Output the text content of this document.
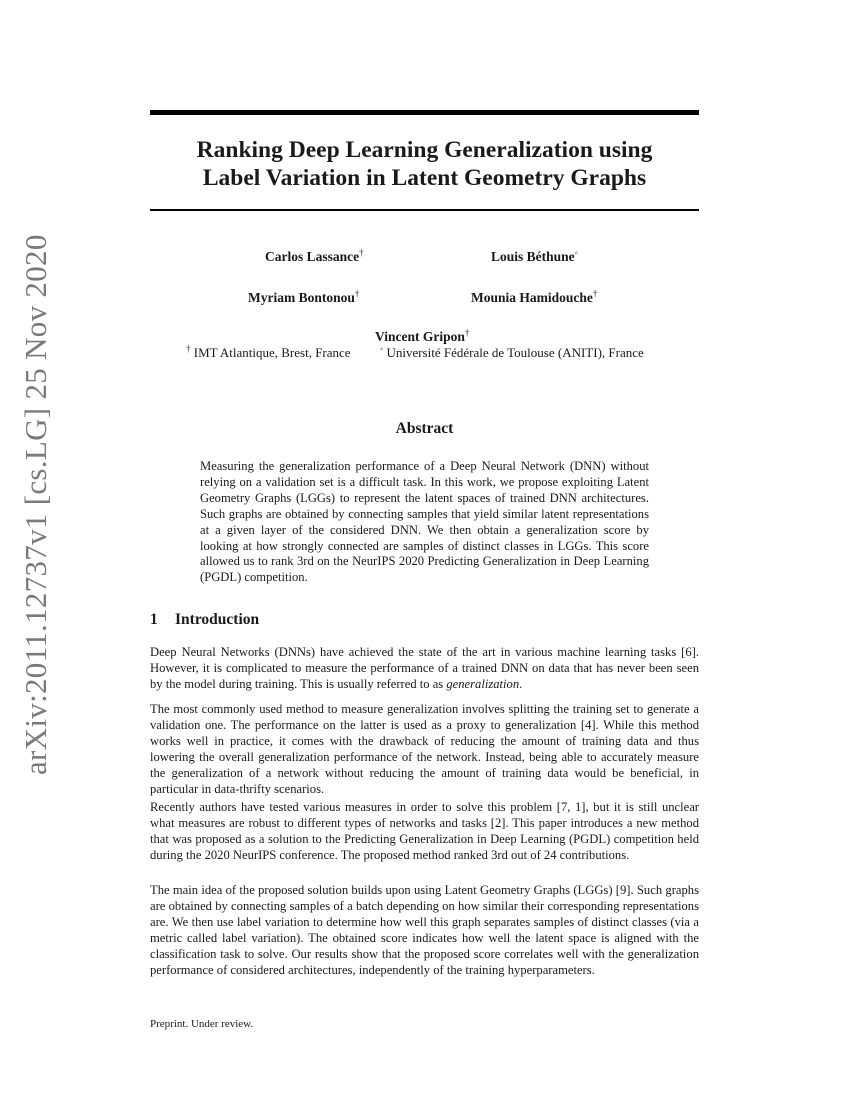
arXiv:2011.12737v1 [cs.LG] 25 Nov 2020
Ranking Deep Learning Generalization using
Label Variation in Latent Geometry Graphs
Carlos Lassance†	Louis Béthune◦
Myriam Bontonou†	Mounia Hamidouche†
Vincent Gripon†
† IMT Atlantique, Brest, France	◦ Université Fédérale de Toulouse (ANITI), France
Abstract
Measuring the generalization performance of a Deep Neural Network (DNN) without relying on a validation set is a difficult task. In this work, we propose exploiting Latent Geometry Graphs (LGGs) to represent the latent spaces of trained DNN architectures. Such graphs are obtained by connecting samples that yield similar latent representations at a given layer of the considered DNN. We then obtain a generalization score by looking at how strongly connected are samples of distinct classes in LGGs. This score allowed us to rank 3rd on the NeurIPS 2020 Predicting Generalization in Deep Learning (PGDL) competition.
1 Introduction
Deep Neural Networks (DNNs) have achieved the state of the art in various machine learning tasks [6]. However, it is complicated to measure the performance of a trained DNN on data that has never been seen by the model during training. This is usually referred to as generalization.
The most commonly used method to measure generalization involves splitting the training set to generate a validation one. The performance on the latter is used as a proxy to generalization [4]. While this method works well in practice, it comes with the drawback of reducing the amount of training data and thus lowering the overall generalization performance of the network. Instead, being able to accurately measure the generalization of a network without reducing the amount of training data would be beneficial, in particular in data-thrifty scenarios.
Recently authors have tested various measures in order to solve this problem [7, 1], but it is still unclear what measures are robust to different types of networks and tasks [2]. This paper introduces a new method that was proposed as a solution to the Predicting Generalization in Deep Learning (PGDL) competition held during the 2020 NeurIPS conference. The proposed method ranked 3rd out of 24 contributions.
The main idea of the proposed solution builds upon using Latent Geometry Graphs (LGGs) [9]. Such graphs are obtained by connecting samples of a batch depending on how similar their corresponding representations are. We then use label variation to determine how well this graph separates samples of distinct classes (via a metric called label variation). The obtained score indicates how well the latent space is aligned with the classification task to solve. Our results show that the proposed score correlates well with the generalization performance of considered architectures, independently of the training hyperparameters.
Preprint. Under review.
